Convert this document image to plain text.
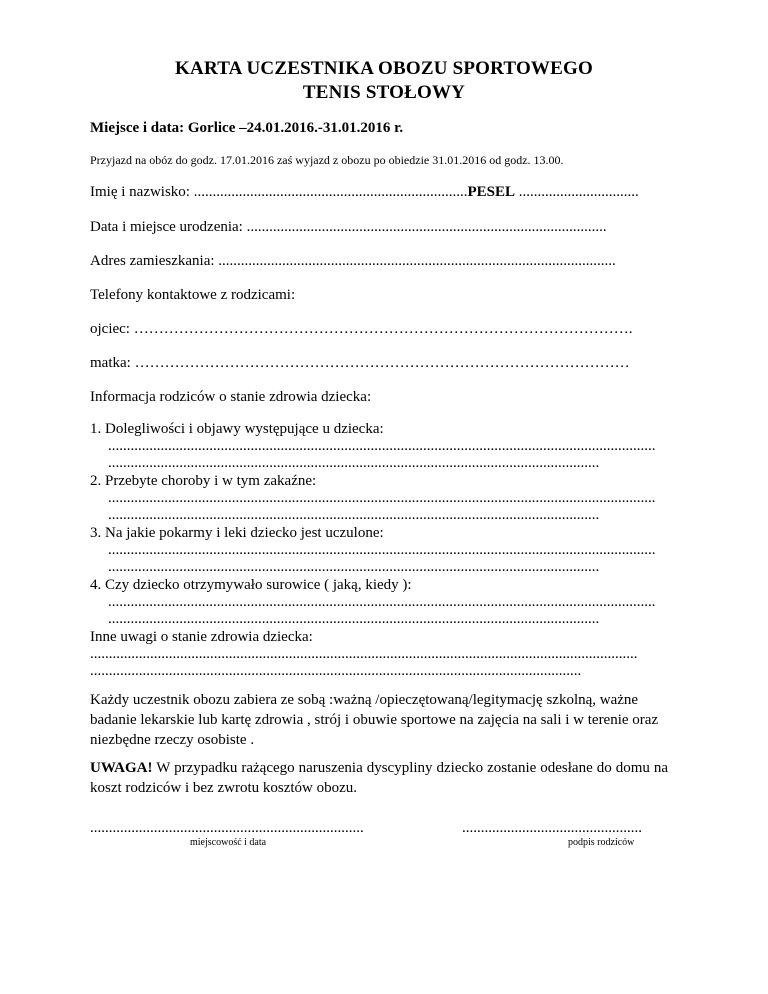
KARTA UCZESTNIKA OBOZU SPORTOWEGO
TENIS STOŁOWY
Miejsce i data: Gorlice –24.01.2016.-31.01.2016 r.
Przyjazd na obóz do godz. 17.01.2016 zaś wyjazd z obozu po obiedzie 31.01.2016 od godz. 13.00.
Imię i nazwisko: .........................................................................PESEL ................................
Data i miejsce urodzenia: ................................................................................................
Adres zamieszkania: ..........................................................................................................
Telefony kontaktowe z rodzicami:
ojciec: ……………………………………………………………………………………….
matka: ………………………………………………………………………………………
Informacja rodziców o stanie zdrowia dziecka:
1. Dolegliwości i objawy występujące u dziecka:
..................................................................................................................................................
...................................................................................................................................
2. Przebyte choroby i w tym zakaźne:
..................................................................................................................................................
...................................................................................................................................
3. Na jakie pokarmy i leki dziecko jest uczulone:
..................................................................................................................................................
...................................................................................................................................
4. Czy dziecko otrzymywało surowice ( jaką, kiedy ):
..................................................................................................................................................
...................................................................................................................................
Inne uwagi o stanie zdrowia dziecka:
..................................................................................................................................................
...................................................................................................................................
Każdy uczestnik obozu zabiera ze sobą :ważną /opieczętowaną/legitymację szkolną, ważne badanie lekarskie lub kartę zdrowia , strój i obuwie sportowe na zajęcia na sali i w terenie oraz niezbędne rzeczy osobiste .
UWAGA! W przypadku rażącego naruszenia dyscypliny dziecko zostanie odesłane do domu na koszt rodziców i bez zwrotu kosztów obozu.
.........................................................................
miejscowość i data
................................................
podpis rodziców
